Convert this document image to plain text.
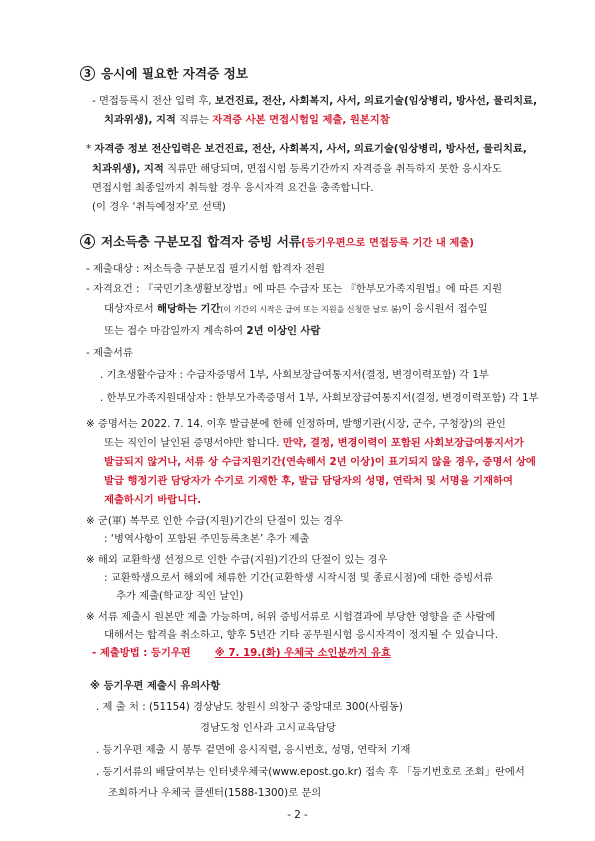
3 응시에 필요한 자격증 정보
- 면접등록시 전산 입력 후, 보건진료, 전산, 사회복지, 사서, 의료기술(임상병리, 방사선, 물리치료,
치과위생), 지적 직류는 자격증 사본 면접시험일 제출, 원본지참
* 자격증 정보 전산입력은 보건진료, 전산, 사회복지, 사서, 의료기술(임상병리, 방사선, 물리치료,
치과위생), 지적 직류만 해당되며, 면접시험 등록기간까지 자격증을 취득하지 못한 응시자도
면접시험 최종일까지 취득할 경우 응시자격 요건을 충족합니다.
(이 경우 ‘취득예정자’로 선택)
4 저소득층 구분모집 합격자 증빙 서류(등기우편으로 면접등록 기간 내 제출)
- 제출대상 : 저소득층 구분모집 필기시험 합격자 전원
- 자격요건 : 『국민기초생활보장법』에 따른 수급자 또는 『한부모가족지원법』에 따른 지원
대상자로서 해당하는 기간(이 기간의 시작은 급여 또는 지원을 신청한 날로 봄)이 응시원서 접수일
또는 접수 마감일까지 계속하여 2년 이상인 사람
- 제출서류
. 기초생활수급자 : 수급자증명서 1부, 사회보장급여통지서(결정, 변경이력포함) 각 1부
. 한부모가족지원대상자 : 한부모가족증명서 1부, 사회보장급여통지서(결정, 변경이력포함) 각 1부
※ 증명서는 2022. 7. 14. 이후 발급분에 한해 인정하며, 발행기관(시장, 군수, 구청장)의 관인
또는 직인이 날인된 증명서야만 합니다. 만약, 결정, 변경이력이 포함된 사회보장급여통지서가
발급되지 않거나, 서류 상 수급지원기간(연속해서 2년 이상)이 표기되지 않을 경우, 증명서 상에
발급 행정기관 담당자가 수기로 기재한 후, 발급 담당자의 성명, 연락처 및 서명을 기재하여
제출하시기 바랍니다.
※ 군(軍) 복무로 인한 수급(지원)기간의 단절이 있는 경우
: ‘병역사항이 포함된 주민등록초본’ 추가 제출
※ 해외 교환학생 선정으로 인한 수급(지원)기간의 단절이 있는 경우
: 교환학생으로서 해외에 체류한 기간(교환학생 시작시점 및 종료시점)에 대한 증빙서류
추가 제출(학교장 직인 날인)
※ 서류 제출시 원본만 제출 가능하며, 허위 증빙서류로 시험결과에 부당한 영향을 준 사람에
대해서는 합격을 취소하고, 향후 5년간 기타 공무원시험 응시자격이 정지될 수 있습니다.
- 제출방법 : 등기우편 ※ 7. 19.(화) 우체국 소인분까지 유효
※ 등기우편 제출시 유의사항
. 제 출 처 : (51154) 경상남도 창원시 의창구 중앙대로 300(사림동)
경남도청 인사과 고시교육담당
. 등기우편 제출 시 봉투 겉면에 응시직렬, 응시번호, 성명, 연락처 기재
. 등기서류의 배달여부는 인터넷우체국(www.epost.go.kr) 접속 후 「등기번호로 조회」란에서
조회하거나 우체국 콜센터(1588-1300)로 문의
- 2 -
